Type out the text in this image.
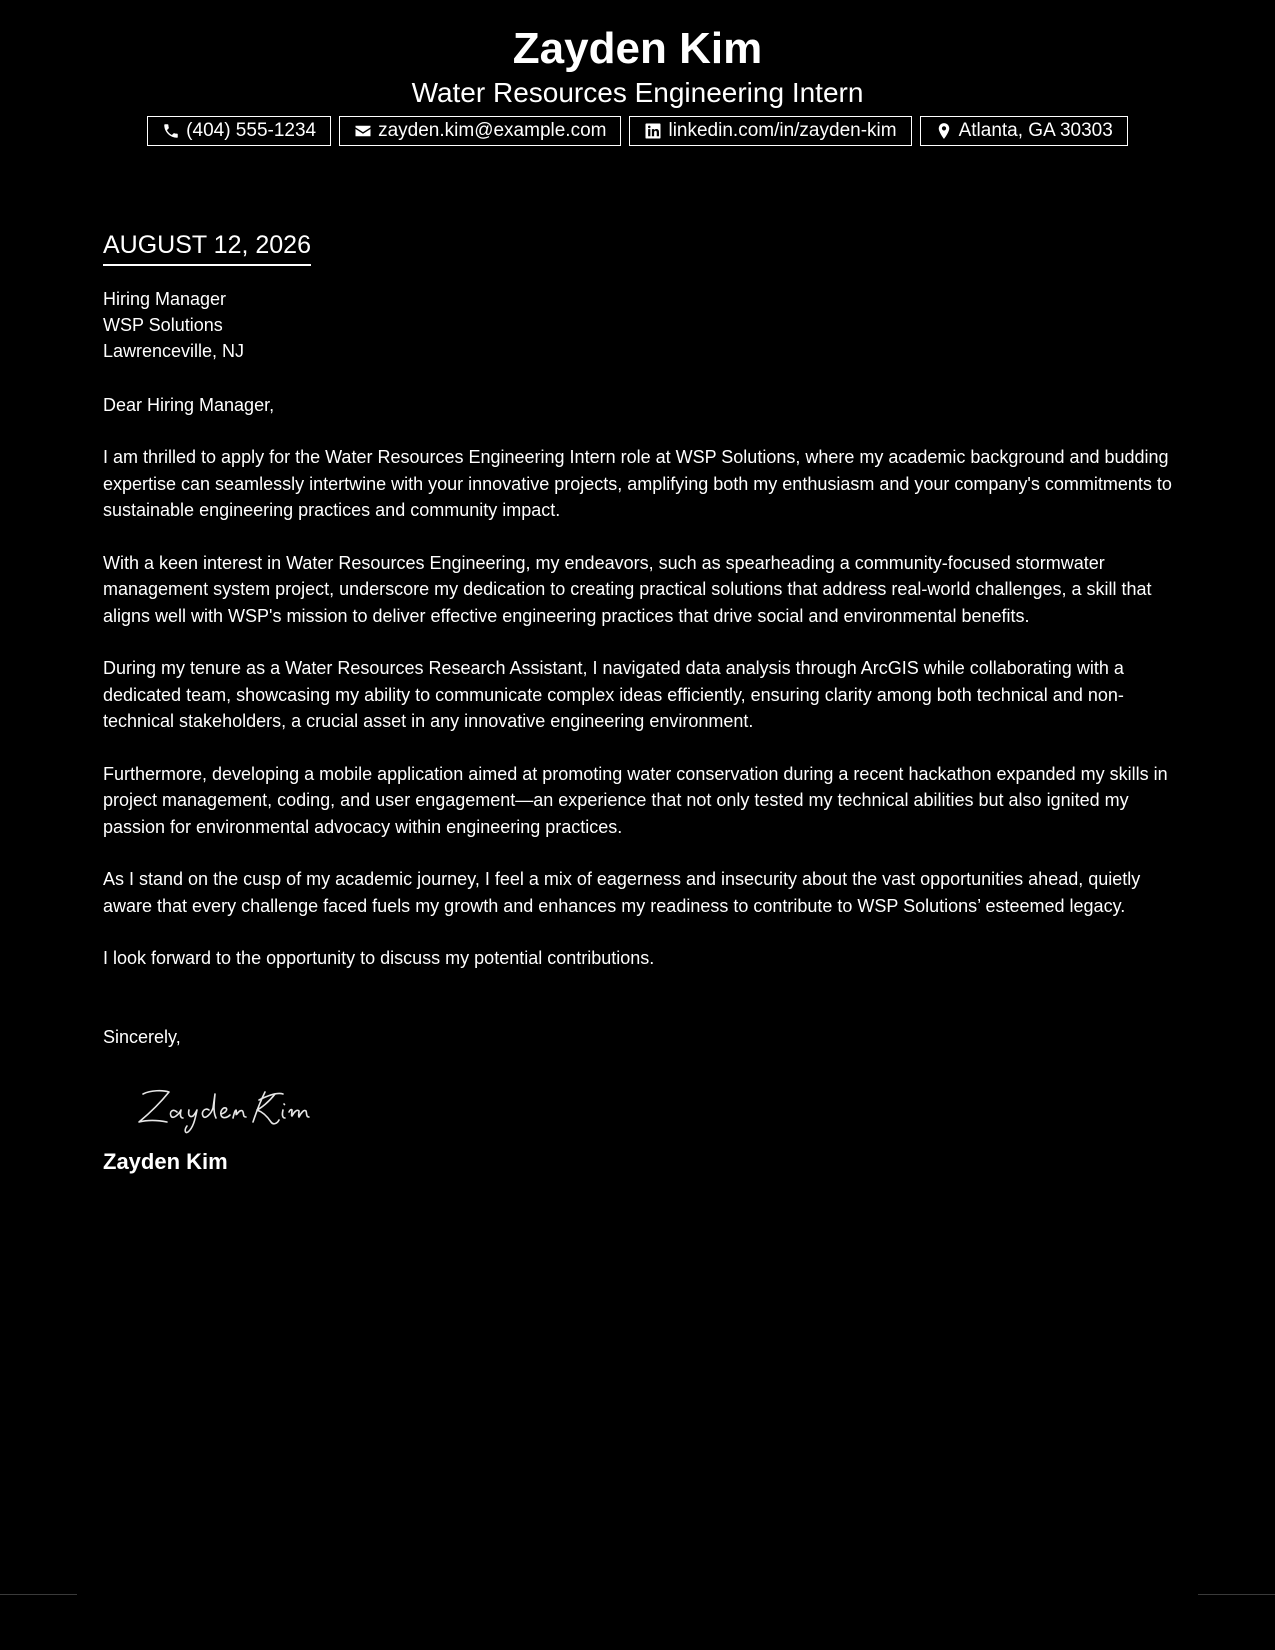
Zayden Kim
Water Resources Engineering Intern
(404) 555-1234	zayden.kim@example.com	linkedin.com/in/zayden-kim	Atlanta, GA 30303
AUGUST 12, 2026
Hiring Manager
WSP Solutions
Lawrenceville, NJ
Dear Hiring Manager,

I am thrilled to apply for the Water Resources Engineering Intern role at WSP Solutions, where my academic background and budding expertise can seamlessly intertwine with your innovative projects, amplifying both my enthusiasm and your company's commitments to sustainable engineering practices and community impact.

With a keen interest in Water Resources Engineering, my endeavors, such as spearheading a community-focused stormwater management system project, underscore my dedication to creating practical solutions that address real-world challenges, a skill that aligns well with WSP's mission to deliver effective engineering practices that drive social and environmental benefits.

During my tenure as a Water Resources Research Assistant, I navigated data analysis through ArcGIS while collaborating with a dedicated team, showcasing my ability to communicate complex ideas efficiently, ensuring clarity among both technical and non-technical stakeholders, a crucial asset in any innovative engineering environment.

Furthermore, developing a mobile application aimed at promoting water conservation during a recent hackathon expanded my skills in project management, coding, and user engagement—an experience that not only tested my technical abilities but also ignited my passion for environmental advocacy within engineering practices.

As I stand on the cusp of my academic journey, I feel a mix of eagerness and insecurity about the vast opportunities ahead, quietly aware that every challenge faced fuels my growth and enhances my readiness to contribute to WSP Solutions’ esteemed legacy.

I look forward to the opportunity to discuss my potential contributions.

Sincerely,
Zayden Kim
